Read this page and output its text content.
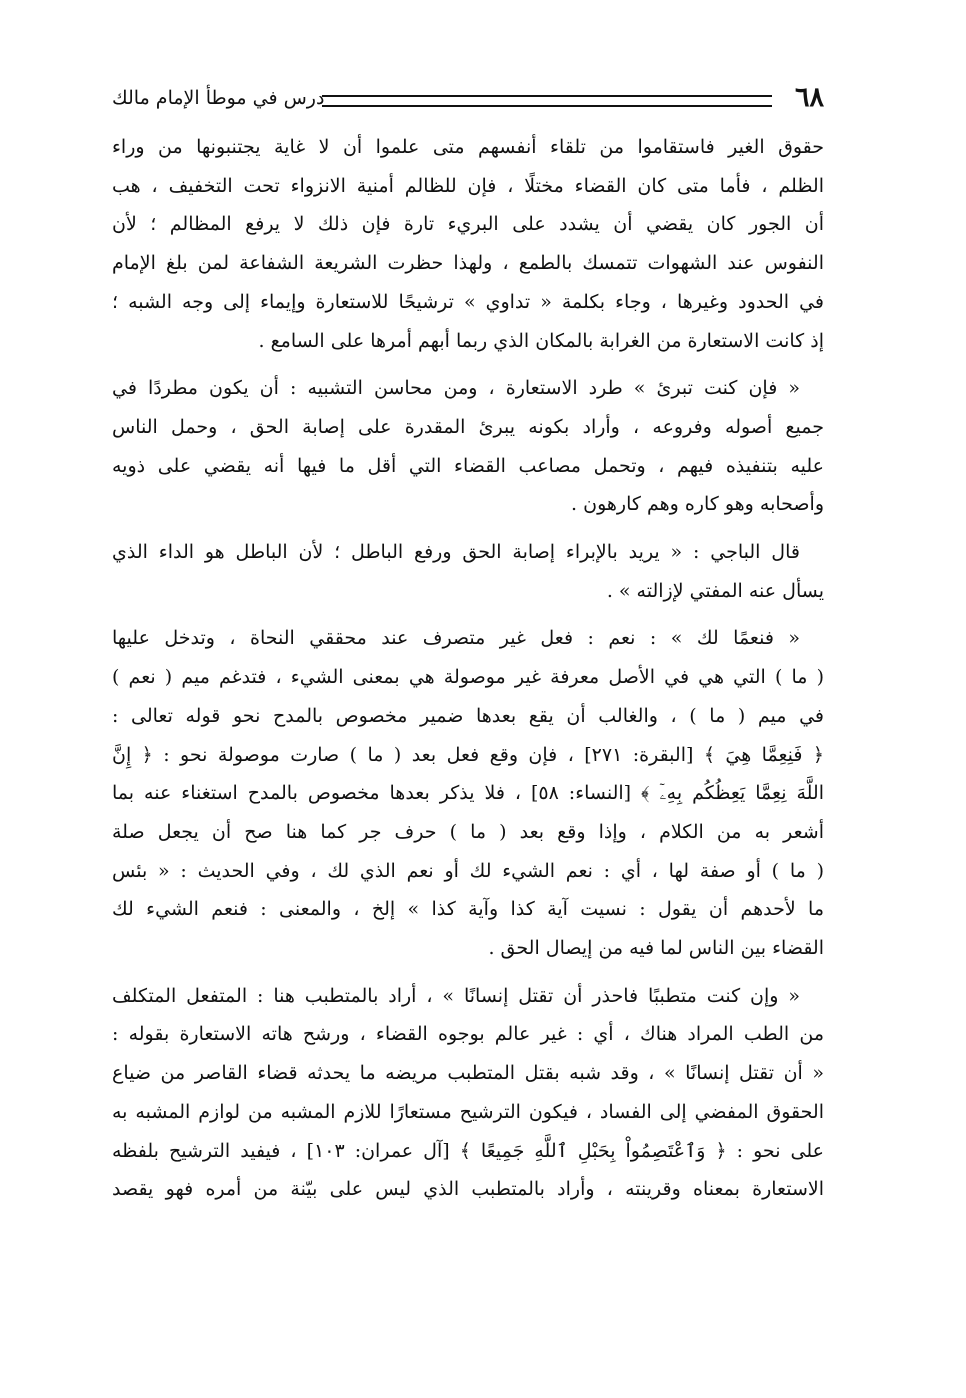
٦٨
درس في موطأ الإمام مالك

حقوق الغير فاستقاموا من تلقاء أنفسهم متى علموا أن لا غاية يجتنبونها من وراء
الظلم ، فأما متى كان القضاء مختلًا ، فإن للظالم أمنية الانزواء تحت التخفيف ، هب
أن الجور كان يقضي أن يشدد على البريء تارة فإن ذلك لا يرفع المظالم ؛ لأن
النفوس عند الشهوات تتمسك بالطمع ، ولهذا حظرت الشريعة الشفاعة لمن بلغ الإمام
في الحدود وغيرها ، وجاء بكلمة « تداوي » ترشيحًا للاستعارة وإيماء إلى وجه الشبه ؛
إذ كانت الاستعارة من الغرابة بالمكان الذي ربما أبهم أمرها على السامع .

« فإن كنت تبرئ » طرد الاستعارة ، ومن محاسن التشبيه : أن يكون مطردًا في
جميع أصوله وفروعه ، وأراد بكونه يبرئ المقدرة على إصابة الحق ، وحمل الناس
عليه بتنفيذه فيهم ، وتحمل مصاعب القضاء التي أقل ما فيها أنه يقضي على ذويه
وأصحابه وهو كاره وهم كارهون .

قال الباجي : « يريد بالإبراء إصابة الحق ورفع الباطل ؛ لأن الباطل هو الداء الذي
يسأل عنه المفتي لإزالته » .

« فنعمًا لك » : نعم : فعل غير متصرف عند محققي النحاة ، وتدخل عليها
( ما ) التي هي في الأصل معرفة غير موصولة هي بمعنى الشيء ، فتدغم ميم ( نعم )
في ميم ( ما ) ، والغالب أن يقع بعدها ضمير مخصوص بالمدح نحو قوله تعالى :
﴿ فَنِعِمَّا هِيَ ﴾ [البقرة: ٢٧١] ، فإن وقع فعل بعد ( ما ) صارت موصولة نحو : ﴿ إِنَّ
اللَّهَ نِعِمَّا يَعِظُكُم بِهِۦٓ ﴾ [النساء: ٥٨] ، فلا يذكر بعدها مخصوص بالمدح استغناء عنه بما
أشعر به من الكلام ، وإذا وقع بعد ( ما ) حرف جر كما هنا صح أن يجعل صلة
( ما ) أو صفة لها ، أي : نعم الشيء لك أو نعم الذي لك ، وفي الحديث : « بئس
ما لأحدهم أن يقول : نسيت آية كذا وآية كذا » إلخ ، والمعنى : فنعم الشيء لك
القضاء بين الناس لما فيه من إيصال الحق .

« وإن كنت متطببًا فاحذر أن تقتل إنسانًا » ، أراد بالمتطبب هنا : المتفعل المتكلف
من الطب المراد هناك ، أي : غير عالم بوجوه القضاء ، ورشح هاته الاستعارة بقوله :
« أن تقتل إنسانًا » ، وقد شبه بقتل المتطبب مريضه ما يحدثه قضاء القاصر من ضياع
الحقوق المفضي إلى الفساد ، فيكون الترشيح مستعارًا للازم المشبه من لوازم المشبه به
على نحو : ﴿ وَٱعْتَصِمُواْ بِحَبْلِ ٱللَّهِ جَمِيعًا ﴾ [آل عمران: ١٠٣] ، فيفيد الترشيح بلفظه
الاستعارة بمعناه وقرينته ، وأراد بالمتطبب الذي ليس على بيّنة من أمره فهو يقصد
